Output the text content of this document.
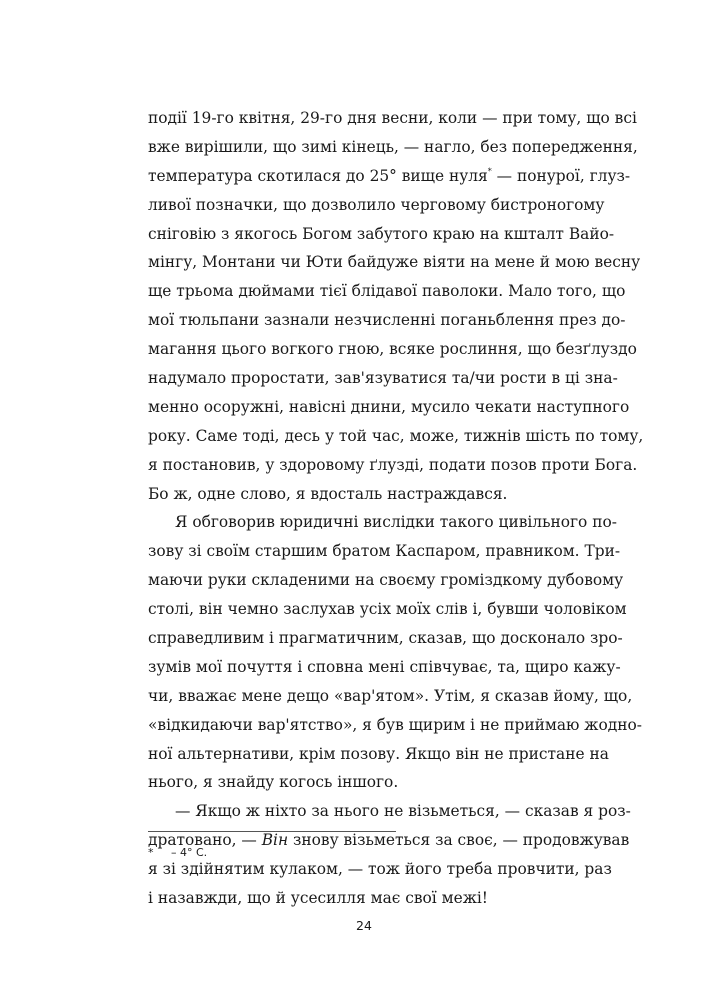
події 19-го квітня, 29-го дня весни, коли — при тому, що всі
вже вирішили, що зимі кінець, — нагло, без попередження,
температура скотилася до 25° вище нуля* — понурої, глуз-
ливої позначки, що дозволило черговому бистроногому
сніговію з якогось Богом забутого краю на кшталт Вайо-
мінгу, Монтани чи Юти байдуже віяти на мене й мою весну
ще трьома дюймами тієї блідавої паволоки. Мало того, що
мої тюльпани зазнали незчисленні поганьблення през до-
магання цього вогкого гною, всяке рослиння, що безґлуздо
надумало проростати, зав'язуватися та/чи рости в ці зна-
менно осоружні, навісні днини, мусило чекати наступного
року. Саме тоді, десь у той час, може, тижнів шість по тому,
я постановив, у здоровому ґлузді, подати позов проти Бога.
Бо ж, одне слово, я вдосталь настраждався.
Я обговорив юридичні вислідки такого цивільного по-
зову зі своїм старшим братом Каспаром, правником. Три-
маючи руки складеними на своєму громіздкому дубовому
столі, він чемно заслухав усіх моїх слів і, бувши чоловіком
справедливим і прагматичним, сказав, що досконало зро-
зумів мої почуття і сповна мені співчуває, та, щиро кажу-
чи, вважає мене дещо «вар'ятом». Утім, я сказав йому, що,
«відкидаючи вар'ятство», я був щирим і не приймаю жодно-
ної альтернативи, крім позову. Якщо він не пристане на
нього, я знайду когось іншого.
— Якщо ж ніхто за нього не візьметься, — сказав я роз-
дратовано, — Він знову візьметься за своє, — продовжував
я зі здійнятим кулаком, — тож його треба провчити, раз
і назавжди, що й усесилля має свої межі!
* – 4° С.
24
